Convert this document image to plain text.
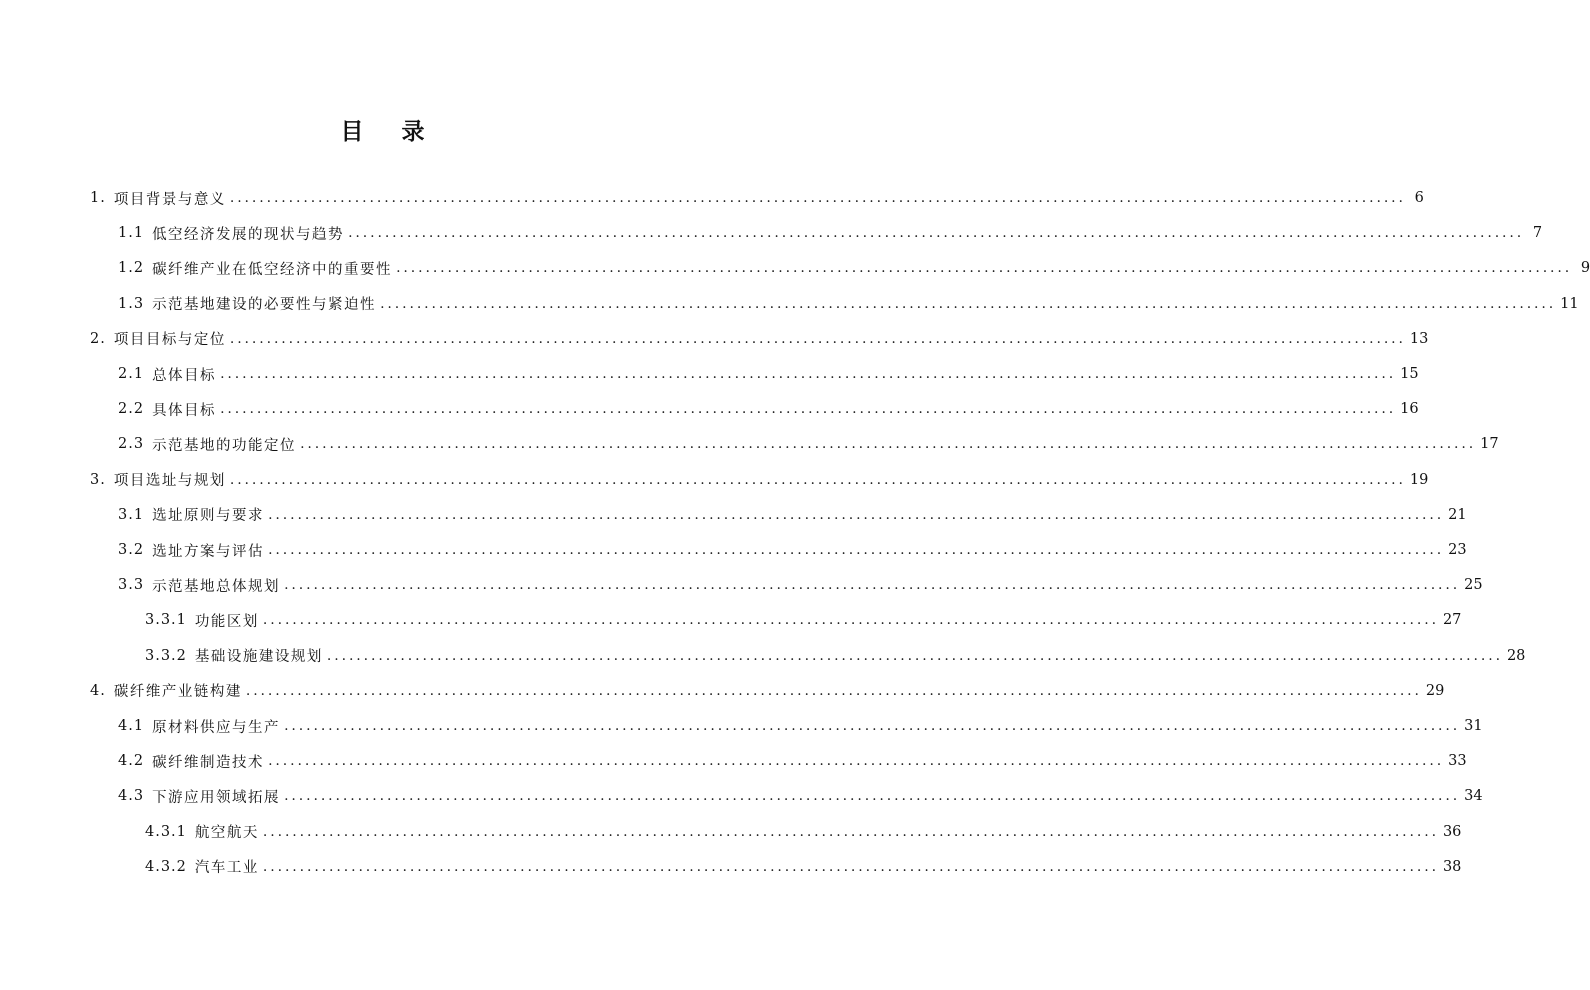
目 录
1. 项目背景与意义 ................................................................................................................................................................ 6
1.1 低空经济发展的现状与趋势 ................................................................................................................................................................ 7
1.2 碳纤维产业在低空经济中的重要性 ................................................................................................................................................................ 9
1.3 示范基地建设的必要性与紧迫性 ................................................................................................................................................................ 11
2. 项目目标与定位 ................................................................................................................................................................ 13
2.1 总体目标 ................................................................................................................................................................ 15
2.2 具体目标 ................................................................................................................................................................ 16
2.3 示范基地的功能定位 ................................................................................................................................................................ 17
3. 项目选址与规划 ................................................................................................................................................................ 19
3.1 选址原则与要求 ................................................................................................................................................................ 21
3.2 选址方案与评估 ................................................................................................................................................................ 23
3.3 示范基地总体规划 ................................................................................................................................................................ 25
3.3.1 功能区划 ................................................................................................................................................................ 27
3.3.2 基础设施建设规划 ................................................................................................................................................................ 28
4. 碳纤维产业链构建 ................................................................................................................................................................ 29
4.1 原材料供应与生产 ................................................................................................................................................................ 31
4.2 碳纤维制造技术 ................................................................................................................................................................ 33
4.3 下游应用领域拓展 ................................................................................................................................................................ 34
4.3.1 航空航天 ................................................................................................................................................................ 36
4.3.2 汽车工业 ................................................................................................................................................................ 38
